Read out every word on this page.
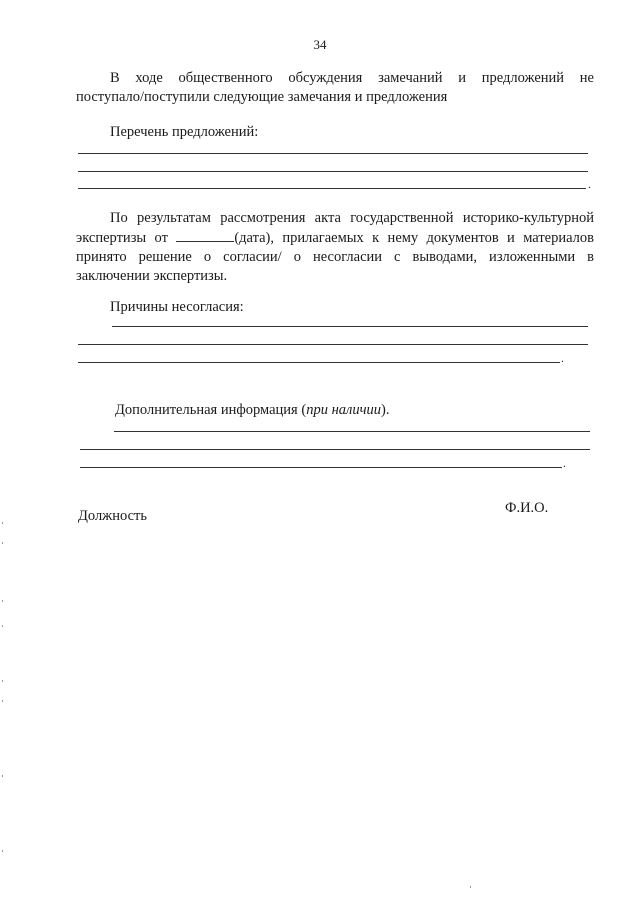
34
В ходе общественного обсуждения замечаний и предложений не
поступало/поступили следующие замечания и предложения
Перечень предложений:
.
По результатам рассмотрения акта государственной историко-культурной
экспертизы от	(дата), прилагаемых к нему документов и материалов
принято решение о согласии/ о несогласии с выводами, изложенными в
заключении экспертизы.
Причины несогласия:
.
Дополнительная информация (при наличии).
.
Должность	Ф.И.О.
